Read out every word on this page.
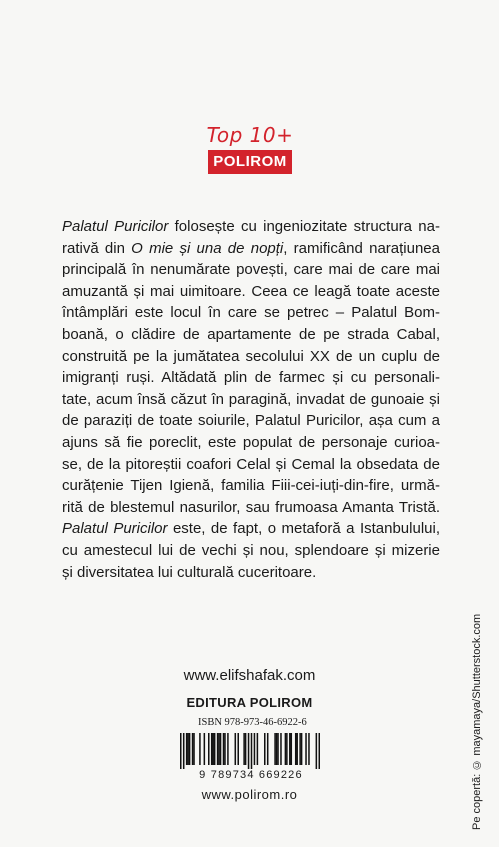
Top 10+
POLIROM
Palatul Puricilor folosește cu ingeniozitate structura na-
rativă din O mie și una de nopți, ramificând narațiunea
principală în nenumărate povești, care mai de care mai
amuzantă și mai uimitoare. Ceea ce leagă toate aceste
întâmplări este locul în care se petrec – Palatul Bom-
boană, o clădire de apartamente de pe strada Cabal,
construită pe la jumătatea secolului XX de un cuplu de
imigranți ruși. Altădată plin de farmec și cu personali-
tate, acum însă căzut în paragină, invadat de gunoaie și
de paraziți de toate soiurile, Palatul Puricilor, așa cum a
ajuns să fie poreclit, este populat de personaje curioa-
se, de la pitoreștii coafori Celal și Cemal la obsedata de
curățenie Tijen Igienă, familia Fiii-cei-iuți-din-fire, urmă-
rită de blestemul nasurilor, sau frumoasa Amanta Tristă.
Palatul Puricilor este, de fapt, o metaforă a Istanbulului,
cu amestecul lui de vechi și nou, splendoare și mizerie
și diversitatea lui culturală cuceritoare.
Pe copertă: © mayamaya/Shutterstock.com
www.elifshafak.com
EDITURA POLIROM
ISBN 978-973-46-6922-6
9 789734 669226
www.polirom.ro
